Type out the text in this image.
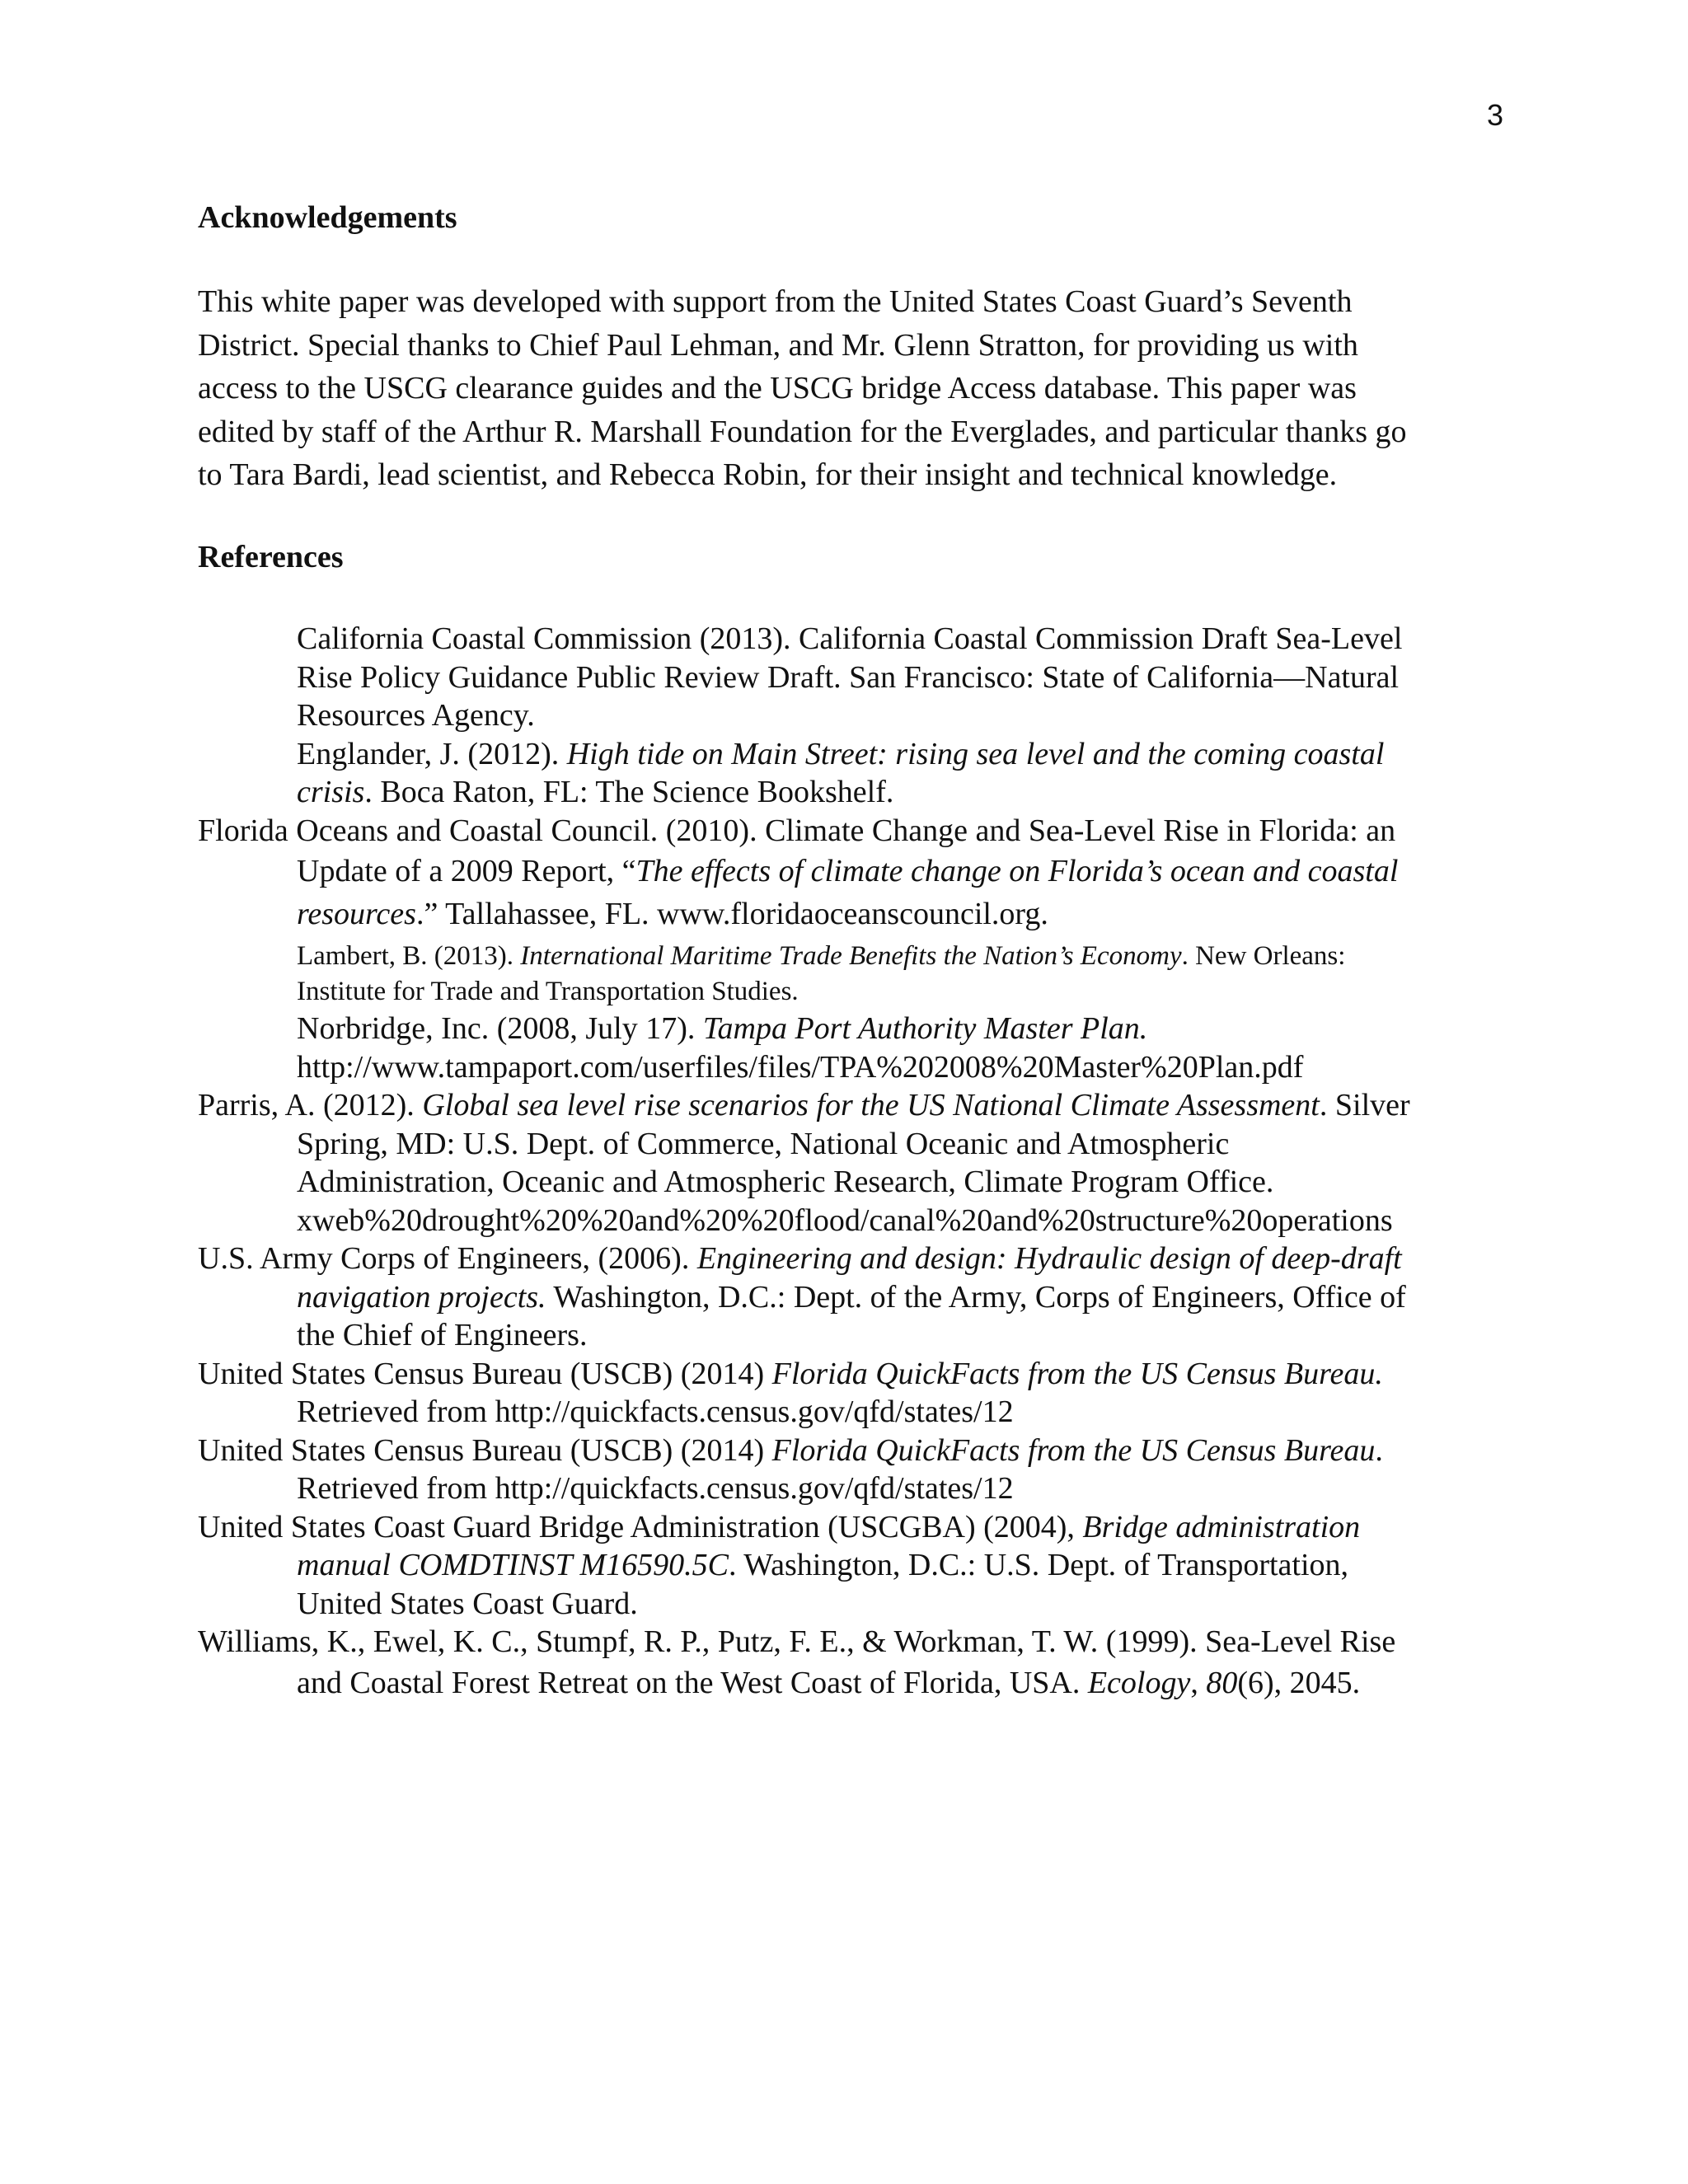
3
Acknowledgements
This white paper was developed with support from the United States Coast Guard’s Seventh
District. Special thanks to Chief Paul Lehman, and Mr. Glenn Stratton, for providing us with
access to the USCG clearance guides and the USCG bridge Access database. This paper was
edited by staff of the Arthur R. Marshall Foundation for the Everglades, and particular thanks go
to Tara Bardi, lead scientist, and Rebecca Robin, for their insight and technical knowledge.
References
California Coastal Commission (2013). California Coastal Commission Draft Sea-Level
Rise Policy Guidance Public Review Draft. San Francisco: State of California—Natural
Resources Agency.
Englander, J. (2012). High tide on Main Street: rising sea level and the coming coastal
crisis. Boca Raton, FL: The Science Bookshelf.
Florida Oceans and Coastal Council. (2010). Climate Change and Sea-Level Rise in Florida: an
Update of a 2009 Report, “The effects of climate change on Florida’s ocean and coastal
resources.” Tallahassee, FL. www.floridaoceanscouncil.org.
Lambert, B. (2013). International Maritime Trade Benefits the Nation’s Economy. New Orleans:
Institute for Trade and Transportation Studies.
Norbridge, Inc. (2008, July 17). Tampa Port Authority Master Plan.
http://www.tampaport.com/userfiles/files/TPA%202008%20Master%20Plan.pdf
Parris, A. (2012). Global sea level rise scenarios for the US National Climate Assessment. Silver
Spring, MD: U.S. Dept. of Commerce, National Oceanic and Atmospheric
Administration, Oceanic and Atmospheric Research, Climate Program Office.
xweb%20drought%20%20and%20%20flood/canal%20and%20structure%20operations
U.S. Army Corps of Engineers, (2006). Engineering and design: Hydraulic design of deep-draft
navigation projects. Washington, D.C.: Dept. of the Army, Corps of Engineers, Office of
the Chief of Engineers.
United States Census Bureau (USCB) (2014) Florida QuickFacts from the US Census Bureau.
Retrieved from http://quickfacts.census.gov/qfd/states/12
United States Census Bureau (USCB) (2014) Florida QuickFacts from the US Census Bureau.
Retrieved from http://quickfacts.census.gov/qfd/states/12
United States Coast Guard Bridge Administration (USCGBA) (2004), Bridge administration
manual COMDTINST M16590.5C. Washington, D.C.: U.S. Dept. of Transportation,
United States Coast Guard.
Williams, K., Ewel, K. C., Stumpf, R. P., Putz, F. E., & Workman, T. W. (1999). Sea-Level Rise
and Coastal Forest Retreat on the West Coast of Florida, USA. Ecology, 80(6), 2045.
